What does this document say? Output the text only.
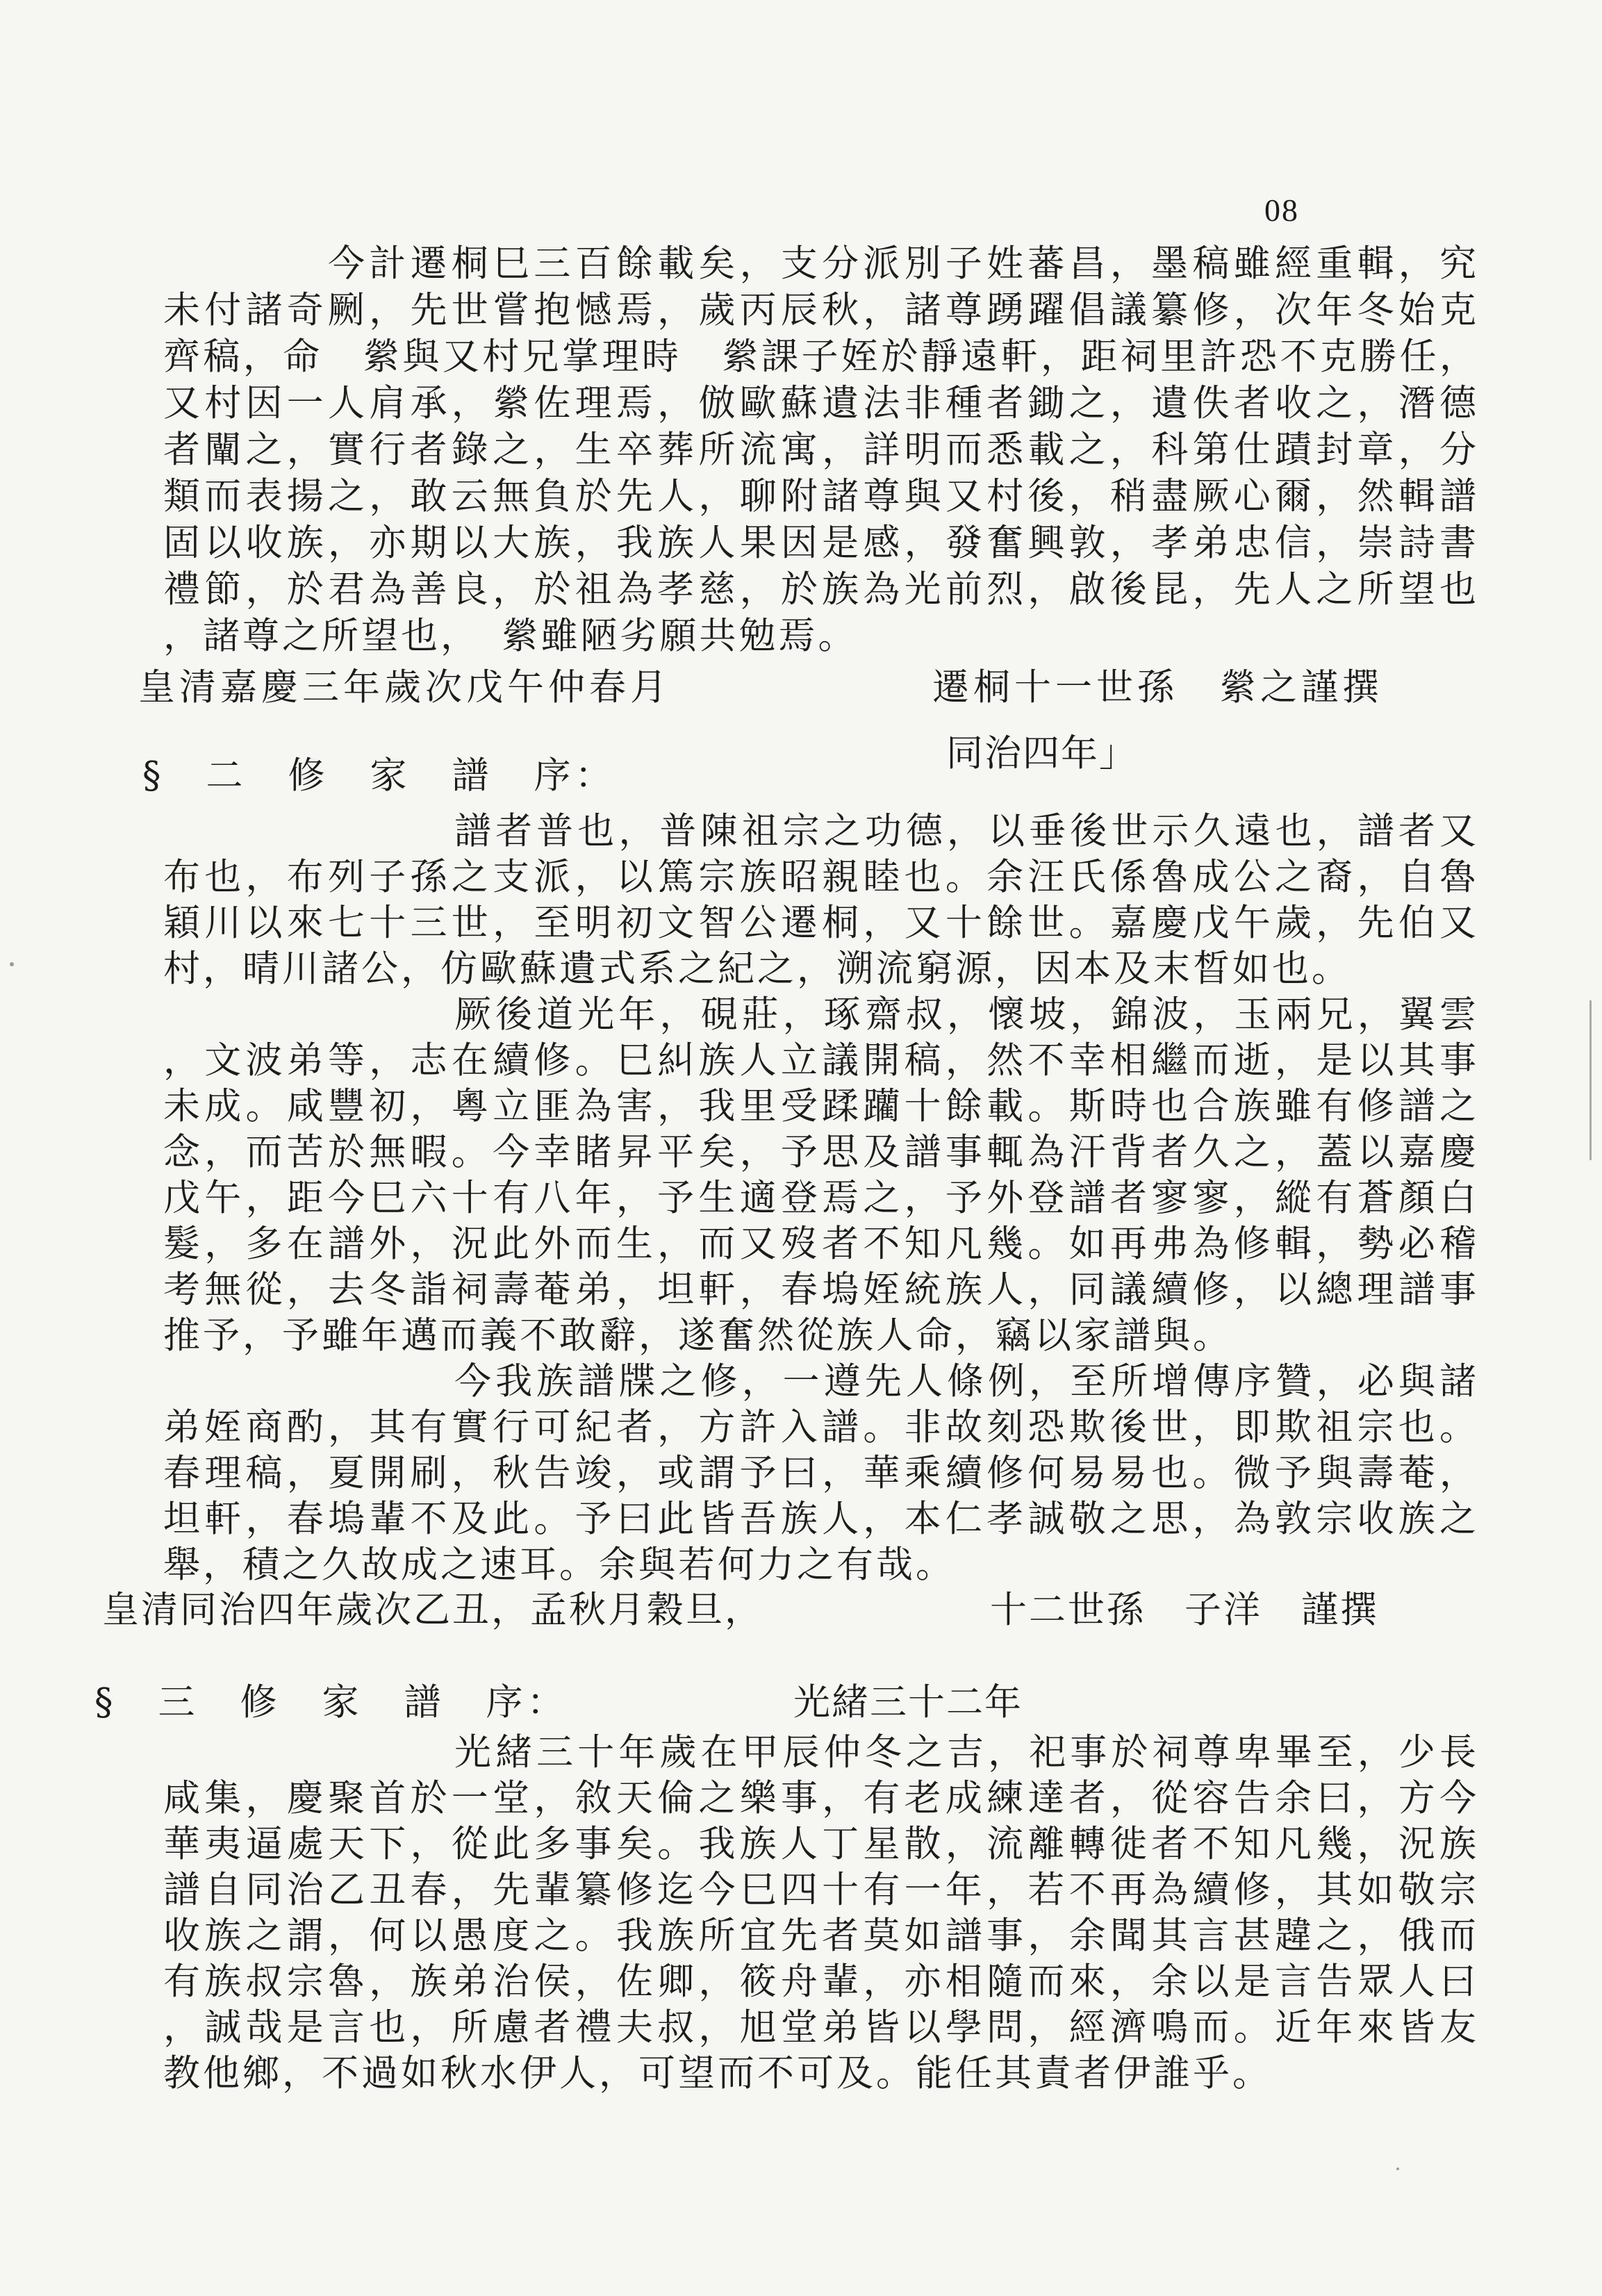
08
今計遷桐巳三百餘載矣，支分派別子姓蕃昌，墨稿雖經重輯，究
未付諸奇劂，先世嘗抱憾焉，歲丙辰秋，諸尊踴躍倡議纂修，次年冬始克
齊稿，命　縈與又村兄掌理時　縈課子姪於靜遠軒，距祠里許恐不克勝任，
又村因一人肩承，縈佐理焉，倣歐蘇遺法非種者鋤之，遺佚者收之，潛德
者闡之，實行者錄之，生卒葬所流寓，詳明而悉載之，科第仕蹟封章，分
類而表揚之，敢云無負於先人，聊附諸尊與又村後，稍盡厥心爾，然輯譜
固以收族，亦期以大族，我族人果因是感，發奮興敦，孝弟忠信，崇詩書
禮節，於君為善良，於祖為孝慈，於族為光前烈，啟後昆，先人之所望也
，諸尊之所望也，　縈雖陋劣願共勉焉。
皇清嘉慶三年歲次戊午仲春月	遷桐十一世孫　縈之謹撰
§　二　修　家　譜　序：
同治四年」
譜者普也，普陳祖宗之功德，以垂後世示久遠也，譜者又
布也，布列子孫之支派，以篤宗族昭親睦也。余汪氏係魯成公之裔，自魯
穎川以來七十三世，至明初文智公遷桐，又十餘世。嘉慶戊午歲，先伯又
村，晴川諸公，仿歐蘇遺式系之紀之，溯流窮源，因本及末晳如也。
厥後道光年，硯莊，琢齋叔，懷坡，錦波，玉兩兄，翼雲
，文波弟等，志在續修。巳糾族人立議開稿，然不幸相繼而逝，是以其事
未成。咸豐初，粵立匪為害，我里受蹂躪十餘載。斯時也合族雖有修譜之
念，而苦於無暇。今幸睹昇平矣，予思及譜事輒為汗背者久之，蓋以嘉慶
戊午，距今巳六十有八年，予生適登焉之，予外登譜者寥寥，縱有蒼顏白
髮，多在譜外，況此外而生，而又歿者不知凡幾。如再弗為修輯，勢必稽
考無從，去冬詣祠壽菴弟，坦軒，春塢姪統族人，同議續修，以總理譜事
推予，予雖年邁而義不敢辭，遂奮然從族人命，竊以家譜與。
今我族譜牒之修，一遵先人條例，至所增傳序贊，必與諸
弟姪商酌，其有實行可紀者，方許入譜。非故刻恐欺後世，即欺祖宗也。
春理稿，夏開刷，秋告竣，或謂予曰，華乘續修何易易也。微予與壽菴，
坦軒，春塢輩不及此。予曰此皆吾族人，本仁孝誠敬之思，為敦宗收族之
舉，積之久故成之速耳。余與若何力之有哉。
皇清同治四年歲次乙丑，孟秋月穀旦，	十二世孫　子洋　謹撰
§　三　修　家　譜　序：	光緒三十二年
光緒三十年歲在甲辰仲冬之吉，祀事於祠尊卑畢至，少長
咸集，慶聚首於一堂，敘天倫之樂事，有老成練達者，從容告余曰，方今
華夷逼處天下，從此多事矣。我族人丁星散，流離轉徙者不知凡幾，況族
譜自同治乙丑春，先輩纂修迄今巳四十有一年，若不再為續修，其如敬宗
收族之謂，何以愚度之。我族所宜先者莫如譜事，余聞其言甚韙之，俄而
有族叔宗魯，族弟治侯，佐卿，筱舟輩，亦相隨而來，余以是言告眾人曰
，誠哉是言也，所慮者禮夫叔，旭堂弟皆以學問，經濟鳴而。近年來皆友
教他鄉，不過如秋水伊人，可望而不可及。能任其責者伊誰乎。
